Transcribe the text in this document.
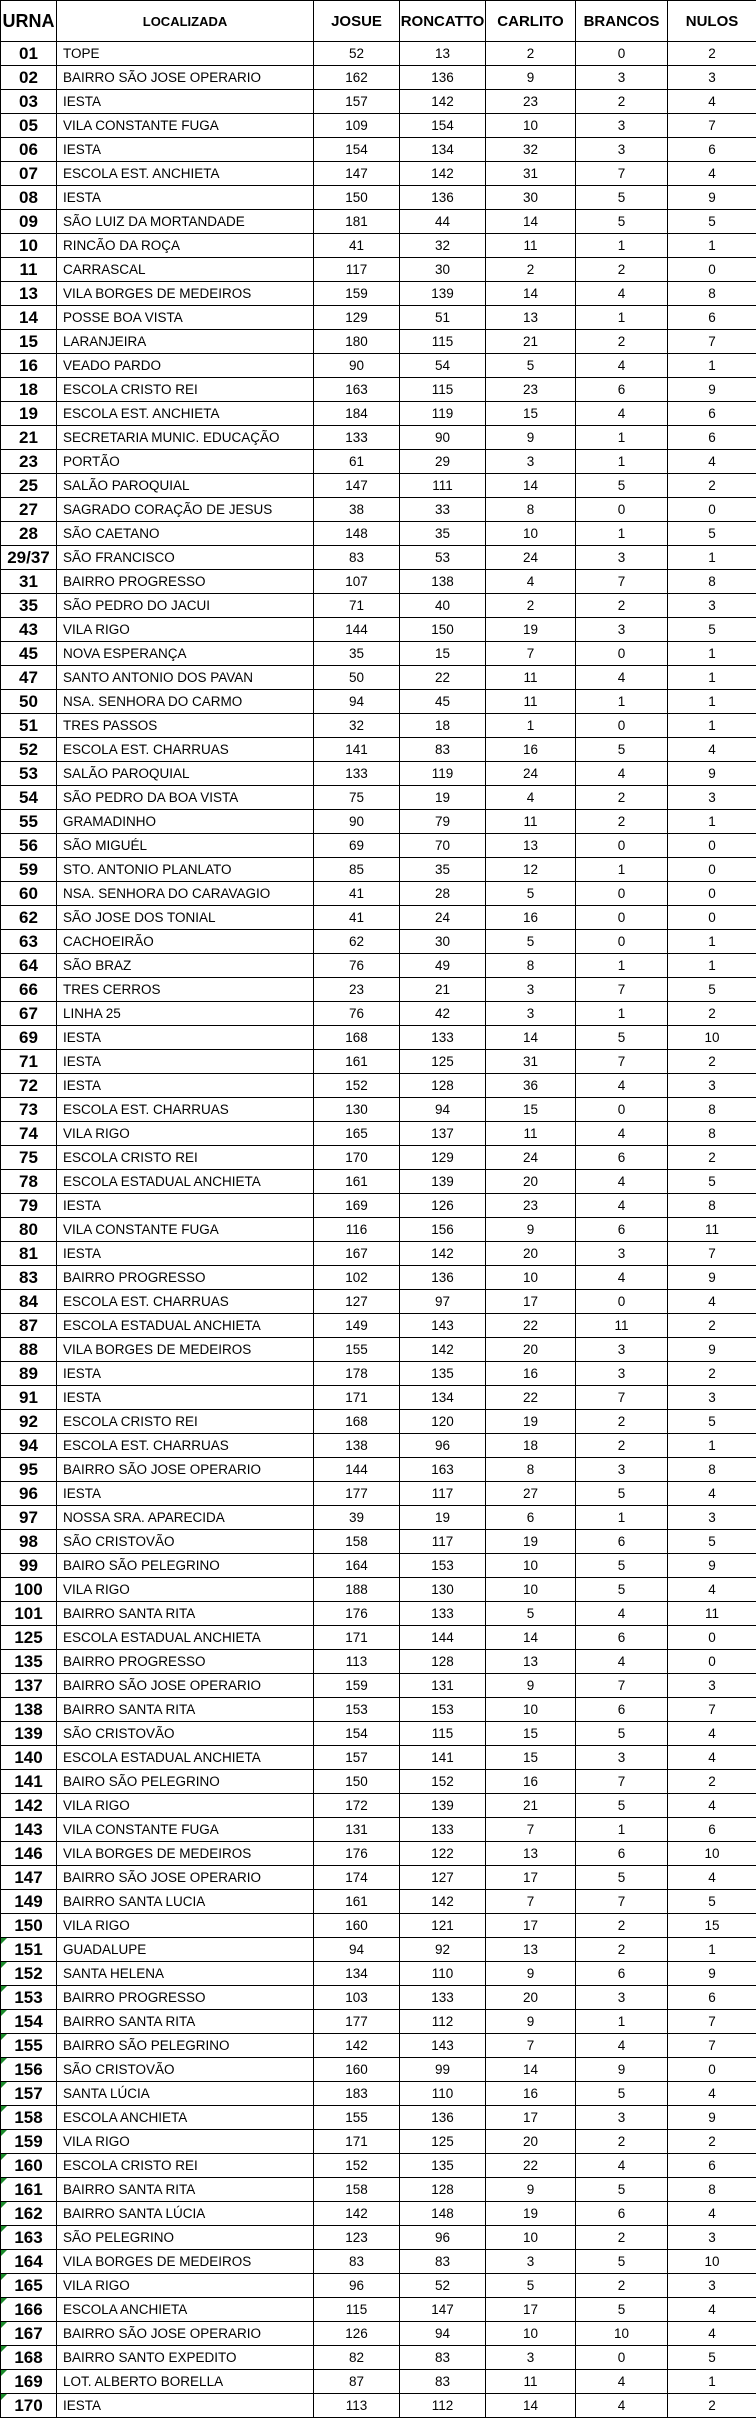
URNA	LOCALIZADA	JOSUE	RONCATTO	CARLITO	BRANCOS	NULOS
01	TOPE	52	13	2	0	2
02	BAIRRO SÃO JOSE OPERARIO	162	136	9	3	3
03	IESTA	157	142	23	2	4
05	VILA CONSTANTE FUGA	109	154	10	3	7
06	IESTA	154	134	32	3	6
07	ESCOLA EST. ANCHIETA	147	142	31	7	4
08	IESTA	150	136	30	5	9
09	SÃO LUIZ DA MORTANDADE	181	44	14	5	5
10	RINCÃO DA ROÇA	41	32	11	1	1
11	CARRASCAL	117	30	2	2	0
13	VILA BORGES DE MEDEIROS	159	139	14	4	8
14	POSSE BOA VISTA	129	51	13	1	6
15	LARANJEIRA	180	115	21	2	7
16	VEADO PARDO	90	54	5	4	1
18	ESCOLA CRISTO REI	163	115	23	6	9
19	ESCOLA EST. ANCHIETA	184	119	15	4	6
21	SECRETARIA MUNIC. EDUCAÇÃO	133	90	9	1	6
23	PORTÃO	61	29	3	1	4
25	SALÃO PAROQUIAL	147	111	14	5	2
27	SAGRADO CORAÇÃO DE JESUS	38	33	8	0	0
28	SÃO CAETANO	148	35	10	1	5
29/37	SÃO FRANCISCO	83	53	24	3	1
31	BAIRRO PROGRESSO	107	138	4	7	8
35	SÃO PEDRO DO JACUI	71	40	2	2	3
43	VILA RIGO	144	150	19	3	5
45	NOVA ESPERANÇA	35	15	7	0	1
47	SANTO ANTONIO DOS PAVAN	50	22	11	4	1
50	NSA. SENHORA DO CARMO	94	45	11	1	1
51	TRES PASSOS	32	18	1	0	1
52	ESCOLA EST. CHARRUAS	141	83	16	5	4
53	SALÃO PAROQUIAL	133	119	24	4	9
54	SÃO PEDRO DA BOA VISTA	75	19	4	2	3
55	GRAMADINHO	90	79	11	2	1
56	SÃO MIGUÉL	69	70	13	0	0
59	STO. ANTONIO PLANLATO	85	35	12	1	0
60	NSA. SENHORA DO CARAVAGIO	41	28	5	0	0
62	SÃO JOSE DOS TONIAL	41	24	16	0	0
63	CACHOEIRÃO	62	30	5	0	1
64	SÃO BRAZ	76	49	8	1	1
66	TRES CERROS	23	21	3	7	5
67	LINHA 25	76	42	3	1	2
69	IESTA	168	133	14	5	10
71	IESTA	161	125	31	7	2
72	IESTA	152	128	36	4	3
73	ESCOLA EST. CHARRUAS	130	94	15	0	8
74	VILA RIGO	165	137	11	4	8
75	ESCOLA CRISTO REI	170	129	24	6	2
78	ESCOLA ESTADUAL ANCHIETA	161	139	20	4	5
79	IESTA	169	126	23	4	8
80	VILA CONSTANTE FUGA	116	156	9	6	11
81	IESTA	167	142	20	3	7
83	BAIRRO PROGRESSO	102	136	10	4	9
84	ESCOLA EST. CHARRUAS	127	97	17	0	4
87	ESCOLA ESTADUAL ANCHIETA	149	143	22	11	2
88	VILA BORGES DE MEDEIROS	155	142	20	3	9
89	IESTA	178	135	16	3	2
91	IESTA	171	134	22	7	3
92	ESCOLA CRISTO REI	168	120	19	2	5
94	ESCOLA EST. CHARRUAS	138	96	18	2	1
95	BAIRRO SÃO JOSE OPERARIO	144	163	8	3	8
96	IESTA	177	117	27	5	4
97	NOSSA SRA. APARECIDA	39	19	6	1	3
98	SÃO CRISTOVÃO	158	117	19	6	5
99	BAIRO SÃO PELEGRINO	164	153	10	5	9
100	VILA RIGO	188	130	10	5	4
101	BAIRRO SANTA RITA	176	133	5	4	11
125	ESCOLA ESTADUAL ANCHIETA	171	144	14	6	0
135	BAIRRO PROGRESSO	113	128	13	4	0
137	BAIRRO SÃO JOSE OPERARIO	159	131	9	7	3
138	BAIRRO SANTA RITA	153	153	10	6	7
139	SÃO CRISTOVÃO	154	115	15	5	4
140	ESCOLA ESTADUAL ANCHIETA	157	141	15	3	4
141	BAIRO SÃO PELEGRINO	150	152	16	7	2
142	VILA RIGO	172	139	21	5	4
143	VILA CONSTANTE FUGA	131	133	7	1	6
146	VILA BORGES DE MEDEIROS	176	122	13	6	10
147	BAIRRO SÃO JOSE OPERARIO	174	127	17	5	4
149	BAIRRO SANTA LUCIA	161	142	7	7	5
150	VILA RIGO	160	121	17	2	15

151	GUADALUPE	94	92	13	2	1

152	SANTA HELENA	134	110	9	6	9

153	BAIRRO PROGRESSO	103	133	20	3	6

154	BAIRRO SANTA RITA	177	112	9	1	7

155	BAIRRO SÃO PELEGRINO	142	143	7	4	7

156	SÃO CRISTOVÃO	160	99	14	9	0

157	SANTA LÚCIA	183	110	16	5	4

158	ESCOLA ANCHIETA	155	136	17	3	9

159	VILA RIGO	171	125	20	2	2

160	ESCOLA CRISTO REI	152	135	22	4	6

161	BAIRRO SANTA RITA	158	128	9	5	8

162	BAIRRO SANTA LÚCIA	142	148	19	6	4

163	SÃO PELEGRINO	123	96	10	2	3

164	VILA BORGES DE MEDEIROS	83	83	3	5	10

165	VILA RIGO	96	52	5	2	3

166	ESCOLA ANCHIETA	115	147	17	5	4

167	BAIRRO SÃO JOSE OPERARIO	126	94	10	10	4

168	BAIRRO SANTO EXPEDITO	82	83	3	0	5

169	LOT. ALBERTO BORELLA	87	83	11	4	1

170	IESTA	113	112	14	4	2
